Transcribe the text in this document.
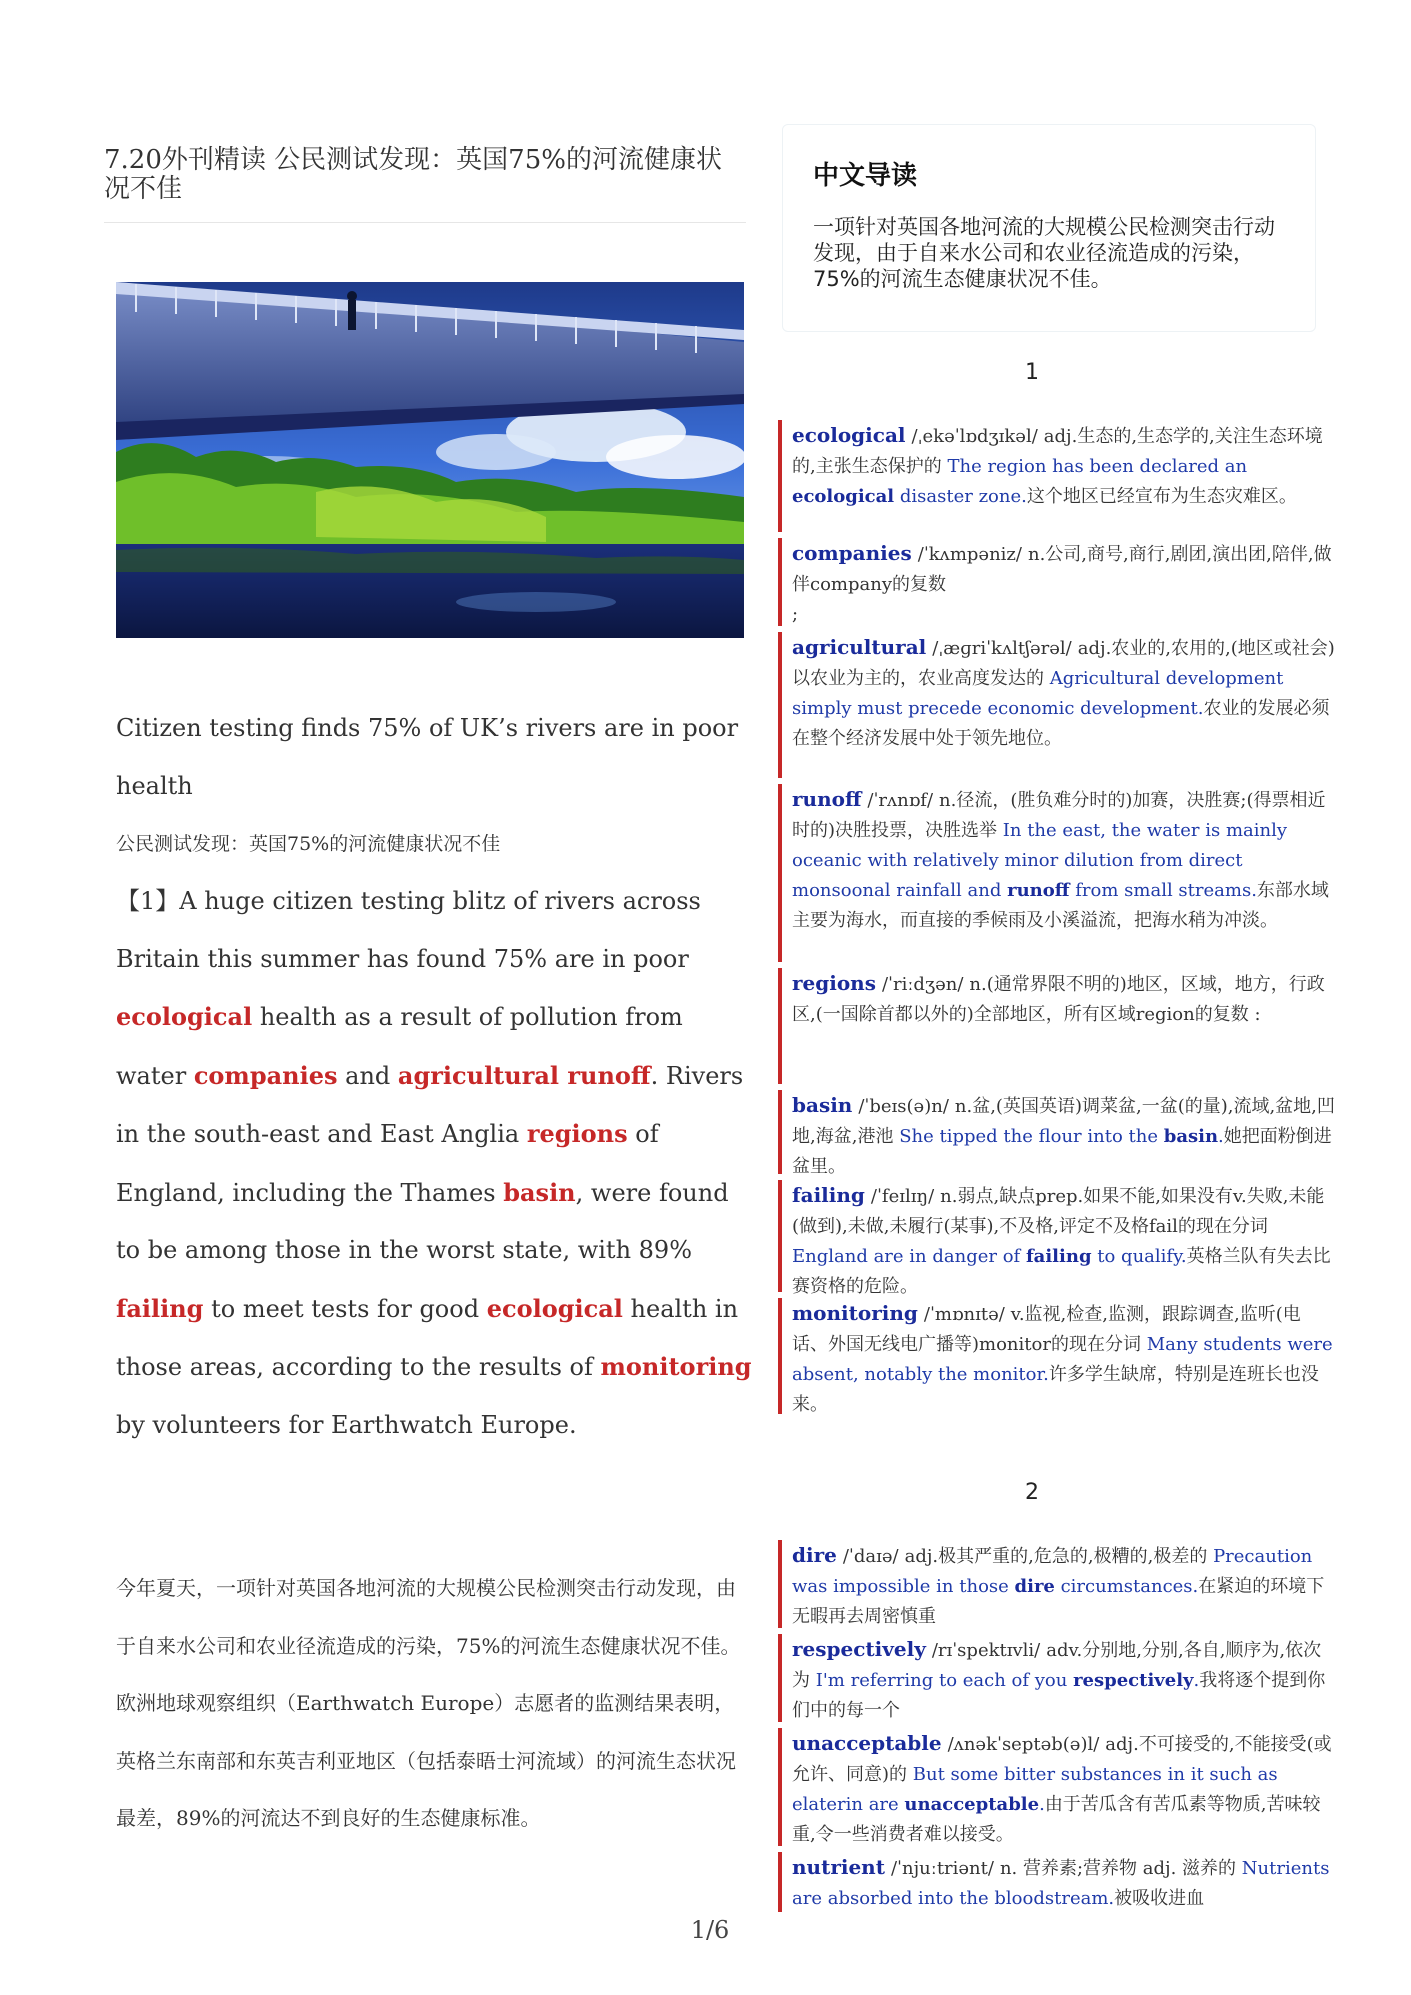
7.20外刊精读 公民测试发现：英国75%的河流健康状况不佳	中文导读

一项针对英国各地河流的大规模公民检测突击行动发现，由于自来水公司和农业径流造成的污染，75%的河流生态健康状况不佳。

1
ecological /ˌekəˈlɒdʒɪkəl/ adj.生态的,生态学的,关注生态环境的,主张生态保护的 The region has been declared an ecological disaster zone.这个地区已经宣布为生态灾难区。
companies /ˈkʌmpəniz/ n.公司,商号,商行,剧团,演出团,陪伴,做伴company的复数
;
agricultural /ˌæɡriˈkʌltʃərəl/ adj.农业的,农用的,(地区或社会)以农业为主的，农业高度发达的 Agricultural development simply must precede economic development.农业的发展必须在整个经济发展中处于领先地位。
runoff /ˈrʌnɒf/ n.径流，(胜负难分时的)加赛，决胜赛;(得票相近时的)决胜投票，决胜选举 In the east, the water is mainly oceanic with relatively minor dilution from direct monsoonal rainfall and runoff from small streams.东部水域主要为海水，而直接的季候雨及小溪溢流，把海水稍为冲淡。
regions /ˈriːdʒən/ n.(通常界限不明的)地区，区域，地方，行政区,(一国除首都以外的)全部地区，所有区域region的复数 :
basin /ˈbeɪs(ə)n/ n.盆,(英国英语)调菜盆,一盆(的量),流域,盆地,凹地,海盆,港池 She tipped the flour into the basin.她把面粉倒进盆里。
failing /ˈfeɪlɪŋ/ n.弱点,缺点prep.如果不能,如果没有v.失败,未能(做到),未做,未履行(某事),不及格,评定不及格fail的现在分词 England are in danger of failing to qualify.英格兰队有失去比赛资格的危险。
monitoring /ˈmɒnɪtə/ v.监视,检查,监测，跟踪调查,监听(电话、外国无线电广播等)monitor的现在分词 Many students were absent, notably the monitor.许多学生缺席，特别是连班长也没来。
2
dire /ˈdaɪə/ adj.极其严重的,危急的,极糟的,极差的 Precaution was impossible in those dire circumstances.在紧迫的环境下无暇再去周密慎重
respectively /rɪˈspektɪvli/ adv.分别地,分别,各自,顺序为,依次为 I'm referring to each of you respectively.我将逐个提到你们中的每一个
unacceptable /ʌnəkˈseptəb(ə)l/ adj.不可接受的,不能接受(或允许、同意)的 But some bitter substances in it such as elaterin are unacceptable.由于苦瓜含有苦瓜素等物质,苦味较重,令一些消费者难以接受。
nutrient /ˈnjuːtriənt/ n. 营养素;营养物 adj. 滋养的 Nutrients are absorbed into the bloodstream.被吸收进血

Citizen testing finds 75% of UK’s rivers are in poor health

公民测试发现：英国75%的河流健康状况不佳

【1】A huge citizen testing blitz of rivers across Britain this summer has found 75% are in poor ecological health as a result of pollution from water companies and agricultural runoff. Rivers in the south-east and East Anglia regions of England, including the Thames basin, were found to be among those in the worst state, with 89% failing to meet tests for good ecological health in those areas, according to the results of monitoring by volunteers for Earthwatch Europe.

今年夏天，一项针对英国各地河流的大规模公民检测突击行动发现，由于自来水公司和农业径流造成的污染，75%的河流生态健康状况不佳。欧洲地球观察组织（Earthwatch Europe）志愿者的监测结果表明，英格兰东南部和东英吉利亚地区（包括泰晤士河流域）的河流生态状况最差，89%的河流达不到良好的生态健康标准。
1/6
